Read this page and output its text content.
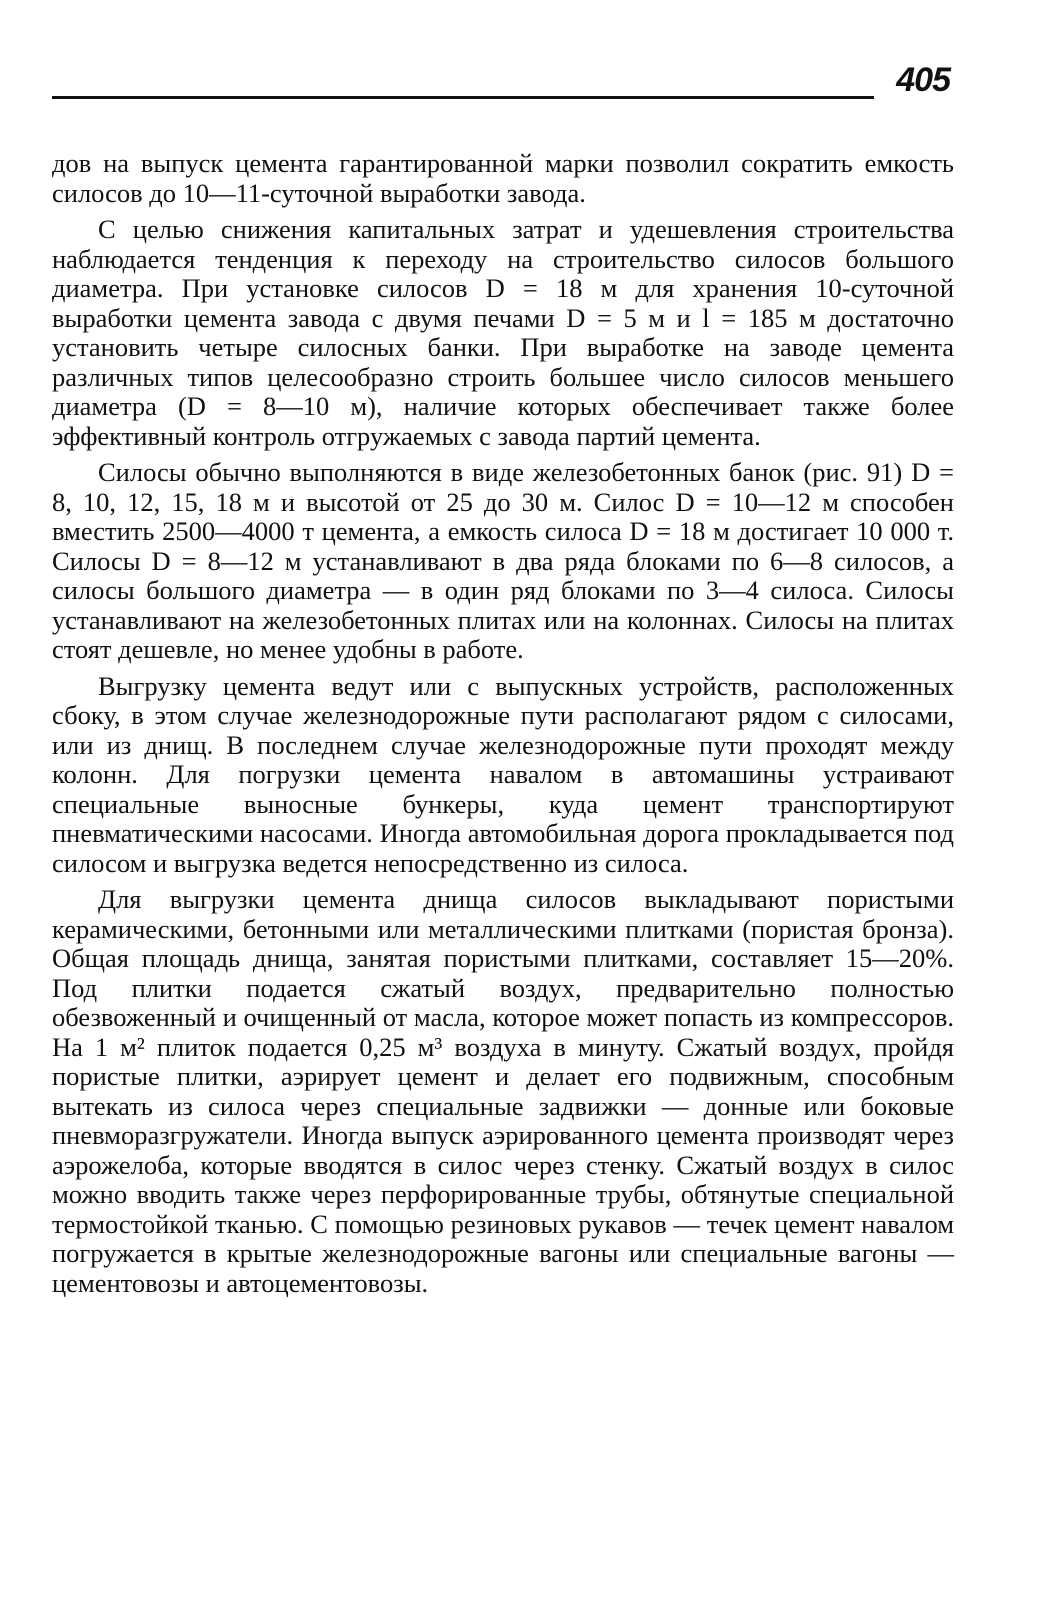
405

дов на выпуск цемента гарантированной марки позволил сократить емкость силосов до 10—11-суточной выработки завода.

С целью снижения капитальных затрат и удешевления строительства наблюдается тенденция к переходу на строительство силосов большого диаметра. При установке силосов D = 18 м для хранения 10-суточной выработки цемента завода с двумя печами D = 5 м и l = 185 м достаточно установить четыре силосных банки. При выработке на заводе цемента различных типов целесообразно строить большее число силосов меньшего диаметра (D = 8—10 м), наличие которых обеспечивает также более эффективный контроль отгружаемых с завода партий цемента.

Силосы обычно выполняются в виде железобетонных банок (рис. 91) D = 8, 10, 12, 15, 18 м и высотой от 25 до 30 м. Силос D = 10—12 м способен вместить 2500—4000 т цемента, а емкость силоса D = 18 м достигает 10 000 т. Силосы D = 8—12 м устанавливают в два ряда блоками по 6—8 силосов, а силосы большого диаметра — в один ряд блоками по 3—4 силоса. Силосы устанавливают на железобетонных плитах или на колоннах. Силосы на плитах стоят дешевле, но менее удобны в работе.

Выгрузку цемента ведут или с выпускных устройств, расположенных сбоку, в этом случае железнодорожные пути располагают рядом с силосами, или из днищ. В последнем случае железнодорожные пути проходят между колонн. Для погрузки цемента навалом в автомашины устраивают специальные выносные бункеры, куда цемент транспортируют пневматическими насосами. Иногда автомобильная дорога прокладывается под силосом и выгрузка ведется непосредственно из силоса.

Для выгрузки цемента днища силосов выкладывают пористыми керамическими, бетонными или металлическими плитками (пористая бронза). Общая площадь днища, занятая пористыми плитками, составляет 15—20%. Под плитки подается сжатый воздух, предварительно полностью обезвоженный и очищенный от масла, которое может попасть из компрессоров. На 1 м² плиток подается 0,25 м³ воздуха в минуту. Сжатый воздух, пройдя пористые плитки, аэрирует цемент и делает его подвижным, способным вытекать из силоса через специальные задвижки — донные или боковые пневморазгружатели. Иногда выпуск аэрированного цемента производят через аэрожелоба, которые вводятся в силос через стенку. Сжатый воздух в силос можно вводить также через перфорированные трубы, обтянутые специальной термостойкой тканью. С помощью резиновых рукавов — течек цемент навалом погружается в крытые железнодорожные вагоны или специальные вагоны — цементовозы и автоцементовозы.
